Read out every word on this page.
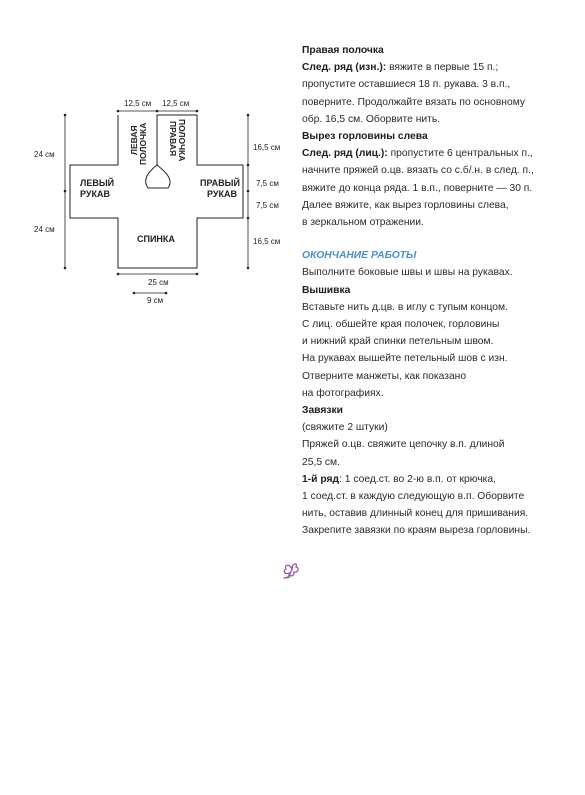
12,5 см 12,5 см
24 см
24 см
16,5 см
7,5 см
7,5 см
16,5 см
25 см
9 см
ЛЕВЫЙ
РУКАВ
ПРАВЫЙ
РУКАВ
СПИНКА
ЛЕВАЯ ПОЛОЧКА ПРАВАЯ ПОЛОЧКА

Правая полочка

След. ряд (изн.): вяжите в первые 15 п.;

пропустите оставшиеся 18 п. рукава. 3 в.п.,

поверните. Продолжайте вязать по основному

обр. 16,5 см. Оборвите нить.

Вырез горловины слева

След. ряд (лиц.): пропустите 6 центральных п.,

начните пряжей о.цв. вязать со с.б/.н. в след. п.,

вяжите до конца ряда. 1 в.п., поверните — 30 п.

Далее вяжите, как вырез горловины слева,

в зеркальном отражении.

ОКОНЧАНИЕ РАБОТЫ

Выполните боковые швы и швы на рукавах.

Вышивка

Вставьте нить д.цв. в иглу с тупым концом.

С лиц. обшейте края полочек, горловины

и нижний край спинки петельным швом.

На рукавах вышейте петельный шов с изн.

Отверните манжеты, как показано

на фотографиях.

Завязки

(свяжите 2 штуки)

Пряжей о.цв. свяжите цепочку в.п. длиной

25,5 см.

1-й ряд: 1 соед.ст. во 2-ю в.п. от крючка,

1 соед.ст. в каждую следующую в.п. Оборвите

нить, оставив длинный конец для пришивания.

Закрепите завязки по краям выреза горловины.
